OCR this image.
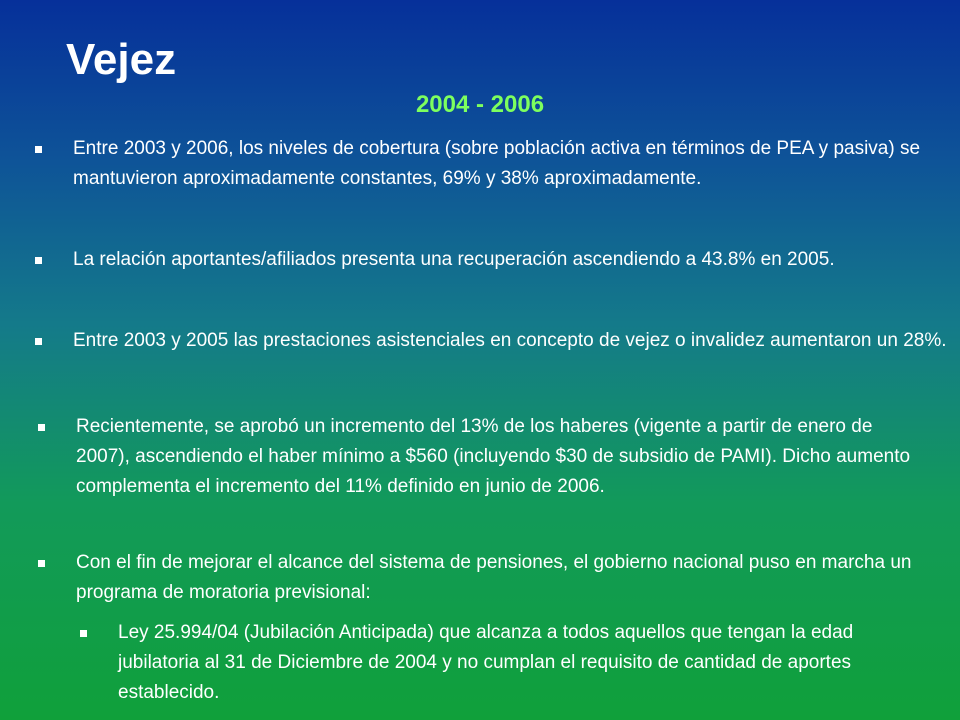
Vejez
2004 - 2006
Entre 2003 y 2006, los niveles de cobertura (sobre población activa en términos de PEA y pasiva) se mantuvieron aproximadamente constantes, 69% y 38% aproximadamente.
La relación aportantes/afiliados presenta una recuperación ascendiendo a 43.8% en 2005.
Entre 2003 y 2005 las prestaciones asistenciales en concepto de vejez o invalidez aumentaron un 28%.
Recientemente, se aprobó un incremento del 13% de los haberes (vigente a partir de enero de 2007), ascendiendo el haber mínimo a $560 (incluyendo $30 de subsidio de PAMI). Dicho aumento complementa el incremento del 11% definido en junio de 2006.
Con el fin de mejorar el alcance del sistema de pensiones, el gobierno nacional puso en marcha un programa de moratoria previsional:
Ley 25.994/04 (Jubilación Anticipada) que alcanza a todos aquellos que tengan la edad jubilatoria al 31 de Diciembre de 2004 y no cumplan el requisito de cantidad de aportes establecido.
